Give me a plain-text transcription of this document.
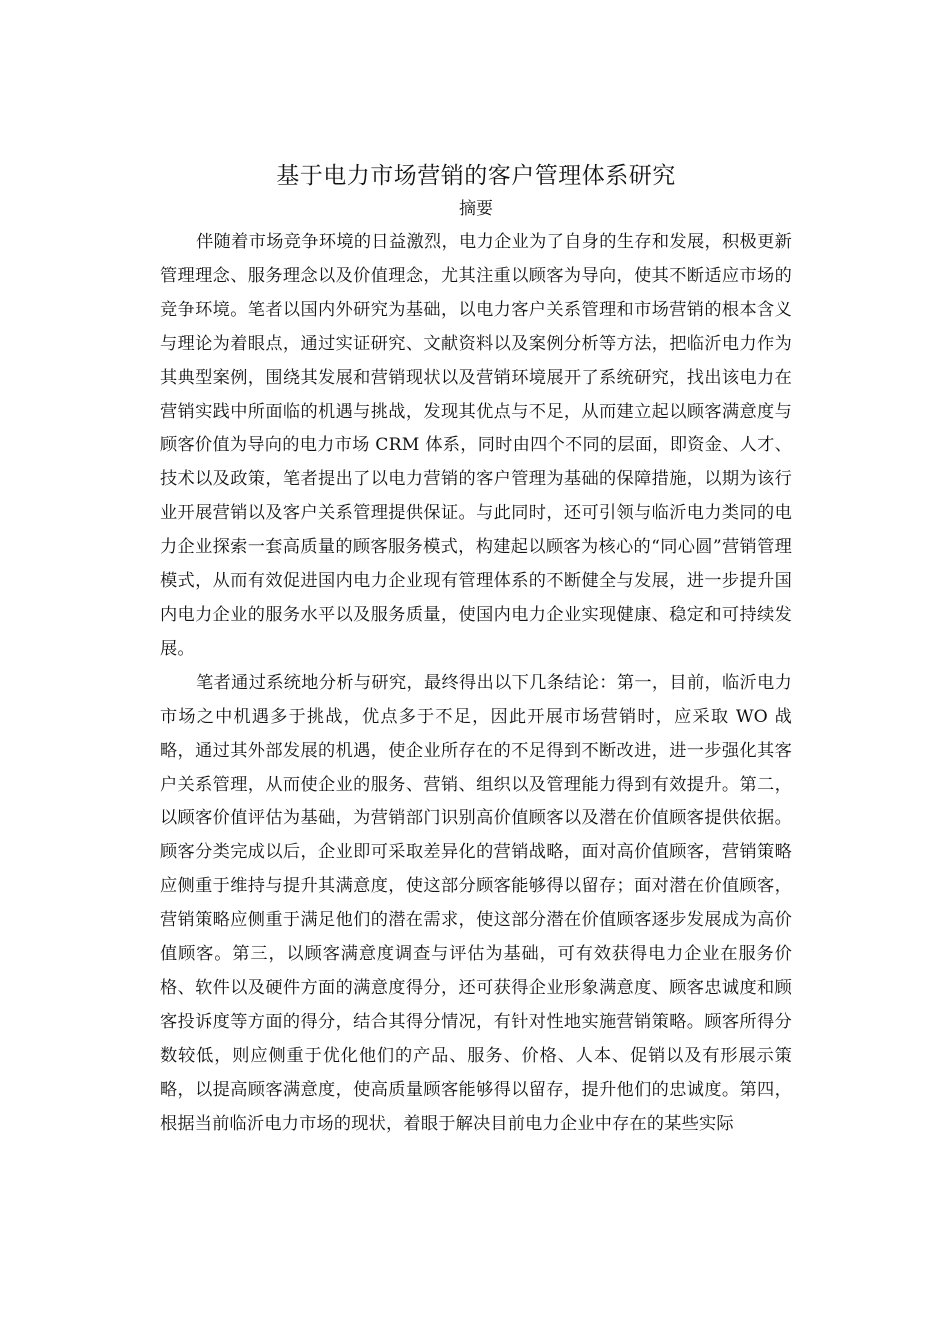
基于电力市场营销的客户管理体系研究
摘要

伴随着市场竞争环境的日益激烈，电力企业为了自身的生存和发展，积极更新管理理念、服务理念以及价值理念，尤其注重以顾客为导向，使其不断适应市场的竞争环境。笔者以国内外研究为基础，以电力客户关系管理和市场营销的根本含义与理论为着眼点，通过实证研究、文献资料以及案例分析等方法，把临沂电力作为其典型案例，围绕其发展和营销现状以及营销环境展开了系统研究，找出该电力在营销实践中所面临的机遇与挑战，发现其优点与不足，从而建立起以顾客满意度与顾客价值为导向的电力市场 CRM 体系，同时由四个不同的层面，即资金、人才、技术以及政策，笔者提出了以电力营销的客户管理为基础的保障措施，以期为该行业开展营销以及客户关系管理提供保证。与此同时，还可引领与临沂电力类同的电力企业探索一套高质量的顾客服务模式，构建起以顾客为核心的“同心圆”营销管理模式，从而有效促进国内电力企业现有管理体系的不断健全与发展，进一步提升国内电力企业的服务水平以及服务质量，使国内电力企业实现健康、稳定和可持续发展。

笔者通过系统地分析与研究，最终得出以下几条结论：第一，目前，临沂电力市场之中机遇多于挑战，优点多于不足，因此开展市场营销时，应采取 WO 战略，通过其外部发展的机遇，使企业所存在的不足得到不断改进，进一步强化其客户关系管理，从而使企业的服务、营销、组织以及管理能力得到有效提升。第二，以顾客价值评估为基础，为营销部门识别高价值顾客以及潜在价值顾客提供依据。顾客分类完成以后，企业即可采取差异化的营销战略，面对高价值顾客，营销策略应侧重于维持与提升其满意度，使这部分顾客能够得以留存；面对潜在价值顾客，营销策略应侧重于满足他们的潜在需求，使这部分潜在价值顾客逐步发展成为高价值顾客。第三，以顾客满意度调查与评估为基础，可有效获得电力企业在服务价格、软件以及硬件方面的满意度得分，还可获得企业形象满意度、顾客忠诚度和顾客投诉度等方面的得分，结合其得分情况，有针对性地实施营销策略。顾客所得分数较低，则应侧重于优化他们的产品、服务、价格、人本、促销以及有形展示策略，以提高顾客满意度，使高质量顾客能够得以留存，提升他们的忠诚度。第四，根据当前临沂电力市场的现状，着眼于解决目前电力企业中存在的某些实际
